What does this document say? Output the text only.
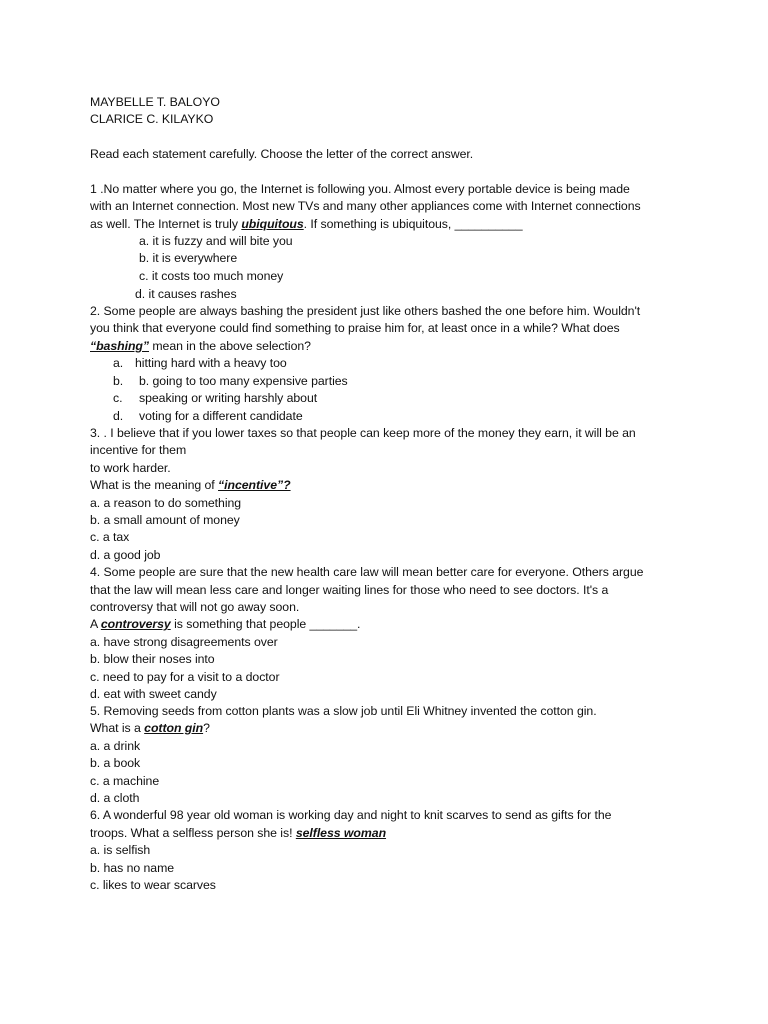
MAYBELLE T. BALOYO
CLARICE C. KILAYKO
Read each statement carefully. Choose the letter of the correct answer.
1 .No matter where you go, the Internet is following you. Almost every portable device is being made
with an Internet connection. Most new TVs and many other appliances come with Internet connections
as well. The Internet is truly ubiquitous. If something is ubiquitous, __________
a. it is fuzzy and will bite you
b. it is everywhere
c. it costs too much money
d. it causes rashes
2. Some people are always bashing the president just like others bashed the one before him. Wouldn't
you think that everyone could find something to praise him for, at least once in a while? What does
“bashing” mean in the above selection?
a. hitting hard with a heavy too
b. b. going to too many expensive parties
c. speaking or writing harshly about
d. voting for a different candidate
3. . I believe that if you lower taxes so that people can keep more of the money they earn, it will be an
incentive for them
to work harder.
What is the meaning of “incentive”?
a. a reason to do something
b. a small amount of money
c. a tax
d. a good job
4. Some people are sure that the new health care law will mean better care for everyone. Others argue
that the law will mean less care and longer waiting lines for those who need to see doctors. It's a
controversy that will not go away soon.
A controversy is something that people _______.
a. have strong disagreements over
b. blow their noses into
c. need to pay for a visit to a doctor
d. eat with sweet candy
5. Removing seeds from cotton plants was a slow job until Eli Whitney invented the cotton gin.
What is a cotton gin?
a. a drink
b. a book
c. a machine
d. a cloth
6. A wonderful 98 year old woman is working day and night to knit scarves to send as gifts for the
troops. What a selfless person she is! selfless woman
a. is selfish
b. has no name
c. likes to wear scarves
